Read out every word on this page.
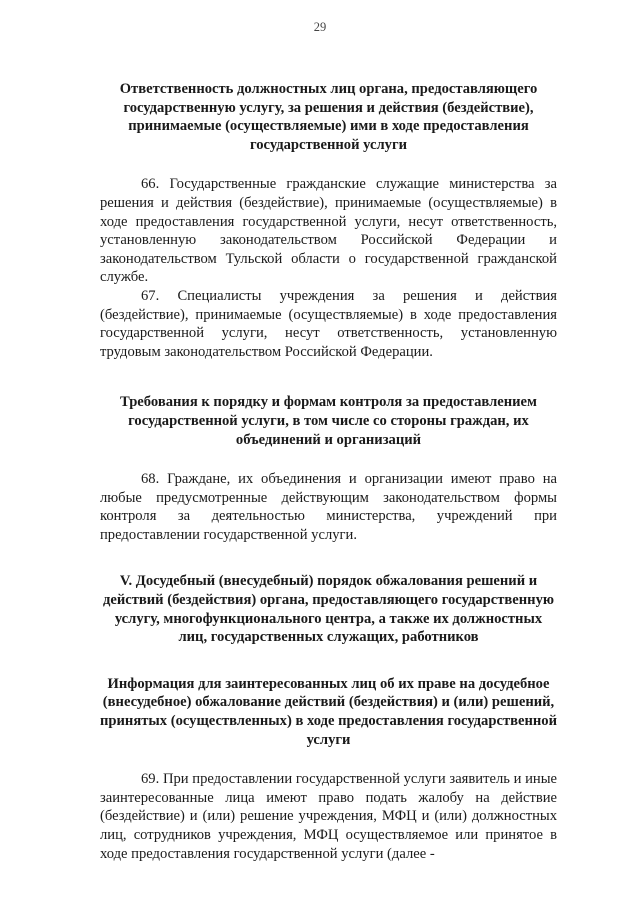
29

Ответственность должностных лиц органа, предоставляющего государственную услугу, за решения и действия (бездействие), принимаемые (осуществляемые) ими в ходе предоставления государственной услуги

66. Государственные гражданские служащие министерства за решения и действия (бездействие), принимаемые (осуществляемые) в ходе предоставления государственной услуги, несут ответственность, установленную законодательством Российской Федерации и законодательством Тульской области о государственной гражданской службе.

67. Специалисты учреждения за решения и действия (бездействие), принимаемые (осуществляемые) в ходе предоставления государственной услуги, несут ответственность, установленную трудовым законодательством Российской Федерации.

Требования к порядку и формам контроля за предоставлением государственной услуги, в том числе со стороны граждан, их объединений и организаций

68. Граждане, их объединения и организации имеют право на любые предусмотренные действующим законодательством формы контроля за деятельностью министерства, учреждений при предоставлении государственной услуги.

V. Досудебный (внесудебный) порядок обжалования решений и действий (бездействия) органа, предоставляющего государственную услугу, многофункционального центра, а также их должностных лиц, государственных служащих, работников

Информация для заинтересованных лиц об их праве на досудебное (внесудебное) обжалование действий (бездействия) и (или) решений, принятых (осуществленных) в ходе предоставления государственной услуги

69. При предоставлении государственной услуги заявитель и иные заинтересованные лица имеют право подать жалобу на действие (бездействие) и (или) решение учреждения, МФЦ и (или) должностных лиц, сотрудников учреждения, МФЦ осуществляемое или принятое в ходе предоставления государственной услуги (далее -
